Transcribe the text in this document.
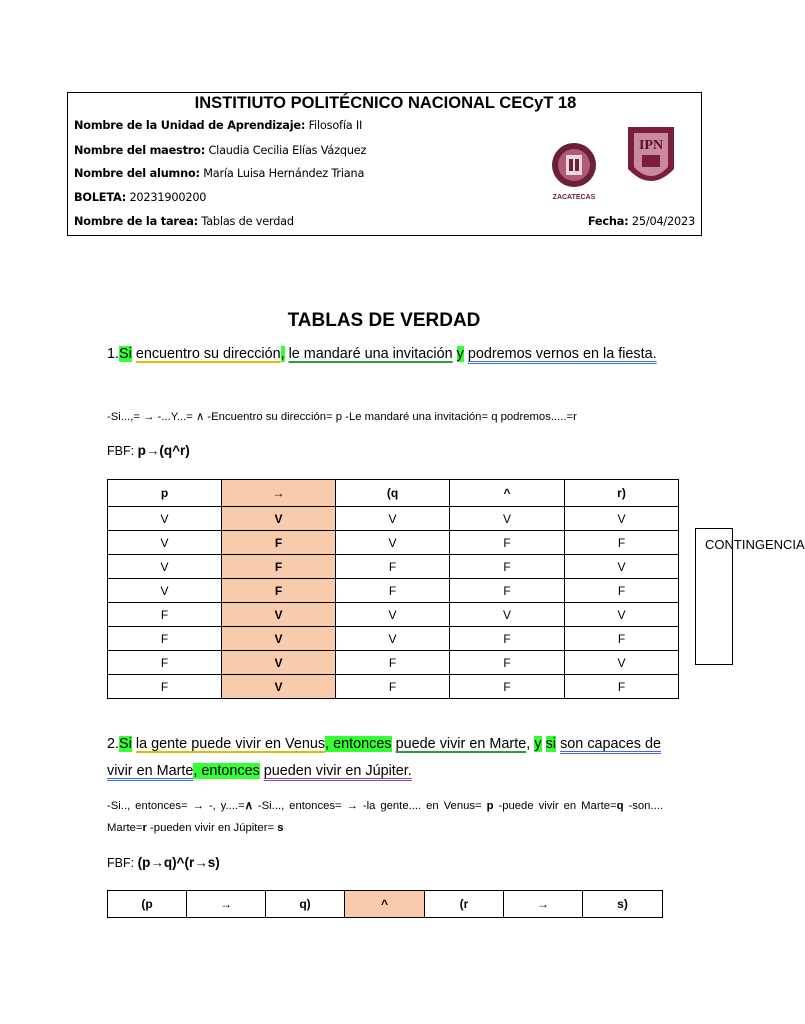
INSTITIUTO POLITÉCNICO NACIONAL CECyT 18
Nombre de la Unidad de Aprendizaje: Filosofía II
Nombre del maestro: Claudia Cecilia Elías Vázquez
Nombre del alumno: María Luisa Hernández Triana
BOLETA: 20231900200
Nombre de la tarea: Tablas de verdad	Fecha: 25/04/2023
ZACATECAS
IPN
TABLAS DE VERDAD
1.Si encuentro su dirección, le mandaré una invitación y podremos vernos en la fiesta.
-Si...,= → -...Y...= ∧ -Encuentro su dirección= p -Le mandaré una invitación= q podremos.....=r
FBF: p→(q^r)
p	→	(q	^	r)
V	V	V	V	V
V	F	V	F	F
V	F	F	F	V
V	F	F	F	F
F	V	V	V	V
F	V	V	F	F
F	V	F	F	V
F	V	F	F	F
CONTINGENCIA
2.Si la gente puede vivir en Venus, entonces puede vivir en Marte, y si son capaces de vivir en Marte, entonces pueden vivir en Júpiter.
-Si.., entonces= → -, y....=∧ -Si..., entonces= → -la gente.... en Venus= p -puede vivir en Marte=q -son.... Marte=r -pueden vivir en Júpiter= s
FBF: (p→q)^(r→s)
(p	→	q)	^	(r	→	s)
